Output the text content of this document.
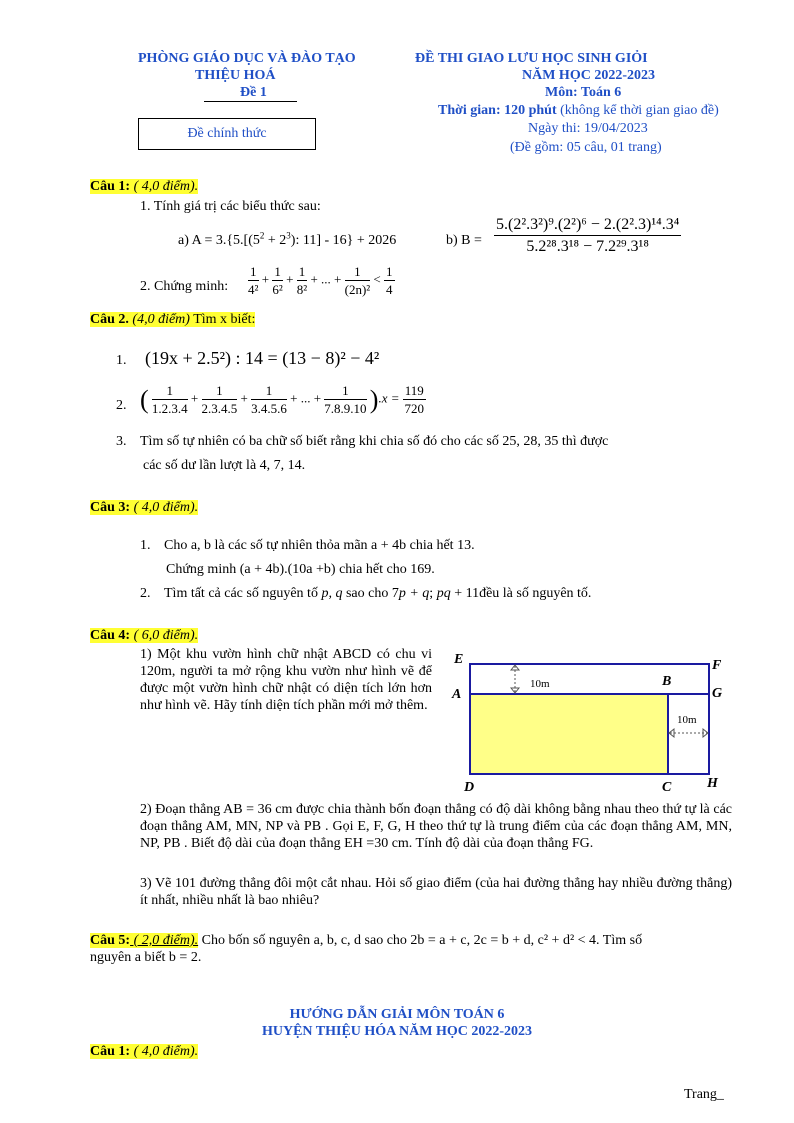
PHÒNG GIÁO DỤC VÀ ĐÀO TẠO
THIỆU HOÁ
Đề 1
ĐỀ THI GIAO LƯU HỌC SINH GIỎI
NĂM HỌC 2022-2023
Môn: Toán 6
Thời gian: 120 phút (không kể thời gian giao đề)
Ngày thi: 19/04/2023
(Đề gồm: 05 câu, 01 trang)
Đề chính thức
Câu 1: ( 4,0 điểm).
1. Tính giá trị các biểu thức sau:
a) $A = 3.\{5.[(5^2 + 2^3)$: 11] - 16} + 2026	b) $B = \frac{\text{5.(2².3²)⁹.(2²)⁶ − 2.(2².3)¹⁴.3⁴}}{\text{5.2²⁸.3¹⁸ − 7.2²⁹.3¹⁸}}$
2. Chứng minh: $\frac{1}{\text{4²}} + \frac{1}{\text{6²}} + \frac{1}{\text{8²}}$ + ... + $\frac{1}{\text{(2n)²}} < \frac{1}{4}$
Câu 2. (4,0 điểm) Tìm x biết:
1. (19x + 2.5²) : 14 = (13 − 8)² − 4²
2. ( $\frac{1}{1.2.3.4} + \frac{1}{2.3.4.5} + \frac{1}{3.4.5.6}$ + ... + $\frac{1}{7.8.9.10} ).x = \frac{119}{720}$
3. Tìm số tự nhiên có ba chữ số biết rằng khi chia số đó cho các số 25, 28, 35 thì được
các số dư lần lượt là 4, 7, 14.
Câu 3: ( 4,0 điểm).
1. Cho a, b là các số tự nhiên thỏa mãn a + 4b chia hết 13.
Chứng minh (a + 4b).(10a +b) chia hết cho 169.
2. Tìm tất cả các số nguyên tố p, q sao cho 7p + q; pq + 11đều là số nguyên tố.
Câu 4: ( 6,0 điểm).
1) Một khu vườn hình chữ nhật ABCD có chu vi 120m, người ta mở rộng khu vườn như hình vẽ để được một vườn hình chữ nhật có diện tích lớn hơn như hình vẽ. Hãy tính diện tích phần mới mở thêm.
E	F
A
B
G
D	C	H
10m
10m
2) Đoạn thẳng AB = 36 cm được chia thành bốn đoạn thẳng có độ dài không bằng nhau theo thứ tự là các đoạn thẳng AM, MN, NP và PB . Gọi E, F, G, H theo thứ tự là trung điểm của các đoạn thẳng AM, MN, NP, PB . Biết độ dài của đoạn thẳng EH =30 cm. Tính độ dài của đoạn thẳng FG.
3) Vẽ 101 đường thẳng đôi một cắt nhau. Hỏi số giao điểm (của hai đường thẳng hay nhiều đường thẳng) ít nhất, nhiều nhất là bao nhiêu?
Câu 5: ( 2,0 điểm). Cho bốn số nguyên a, b, c, d sao cho 2b = a + c, 2c = b + d, c² + d² < 4. Tìm số
nguyên a biết b = 2.
HƯỚNG DẪN GIẢI MÔN TOÁN 6
HUYỆN THIỆU HÓA NĂM HỌC 2022-2023
Câu 1: ( 4,0 điểm).
Trang_
